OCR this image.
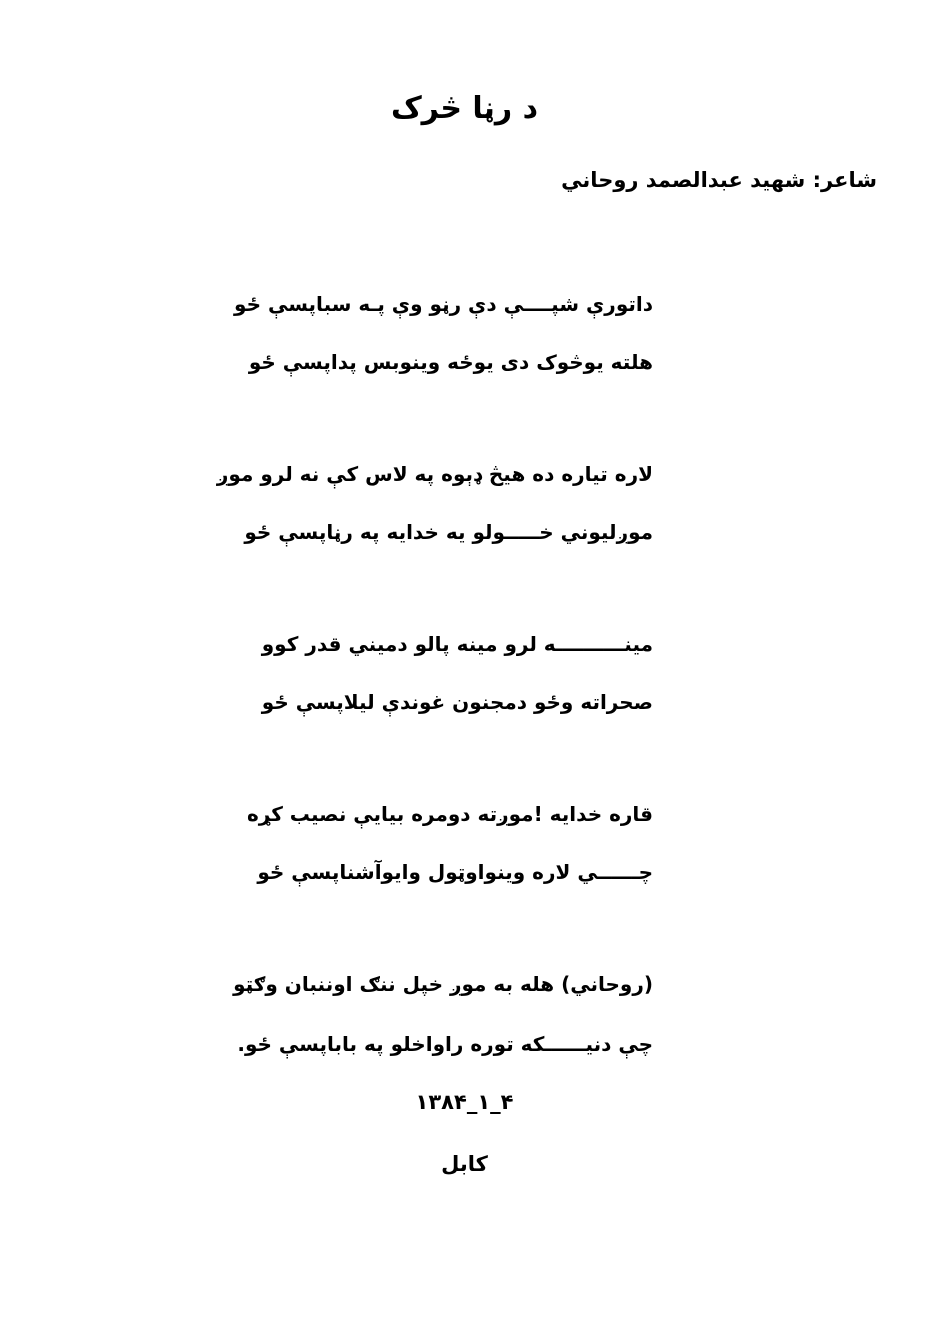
د رڼا څرک
شاعر: شهید عبدالصمد روحاني
داتورې شپــــې دې رڼو وې پـه سباپسې ځو
هلته یوڅوک دی یوځه وینوبس پداپسې ځو
لاره تیاره ده هیڅ ډېوه په لاس کې نه لرو موږ
موږلیوني خـــــولو یه خدایه په رڼاپسې ځو
مینــــــــــه لرو مینه پالو دمیني قدر کوو
صحراته وځو دمجنون غوندې لیلاپسې ځو
قاره خدایه !موږته دومره بیایې نصیب کړه
چــــــي لاره وینواوټول وایوآشناپسې ځو
(روحاني) هله به موږ خپل ننګ اوننبان وګټو
چې دنیــــــکه توره راواخلو په باباپسې ځو.
۴_۱_۱۳۸۴
کابل
